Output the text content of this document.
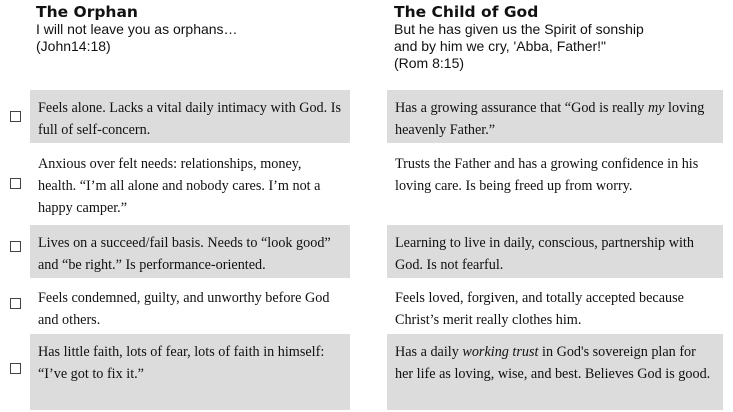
The Orphan
I will not leave you as orphans…
(John14:18)
The Child of God
But he has given us the Spirit of sonship
and by him we cry, 'Abba, Father!"
(Rom 8:15)
Feels alone. Lacks a vital daily intimacy with God. Is full of self-concern.
Has a growing assurance that “God is really my loving heavenly Father.”
Anxious over felt needs: relationships, money, health. “I’m all alone and nobody cares. I’m not a happy camper.”
Trusts the Father and has a growing confidence in his loving care. Is being freed up from worry.
Lives on a succeed/fail basis. Needs to “look good” and “be right.” Is performance-oriented.
Learning to live in daily, conscious, partnership with God. Is not fearful.
Feels condemned, guilty, and unworthy before God and others.
Feels loved, forgiven, and totally accepted because Christ’s merit really clothes him.
Has little faith, lots of fear, lots of faith in himself: “I’ve got to fix it.”
Has a daily working trust in God's sovereign plan for her life as loving, wise, and best. Believes God is good.
